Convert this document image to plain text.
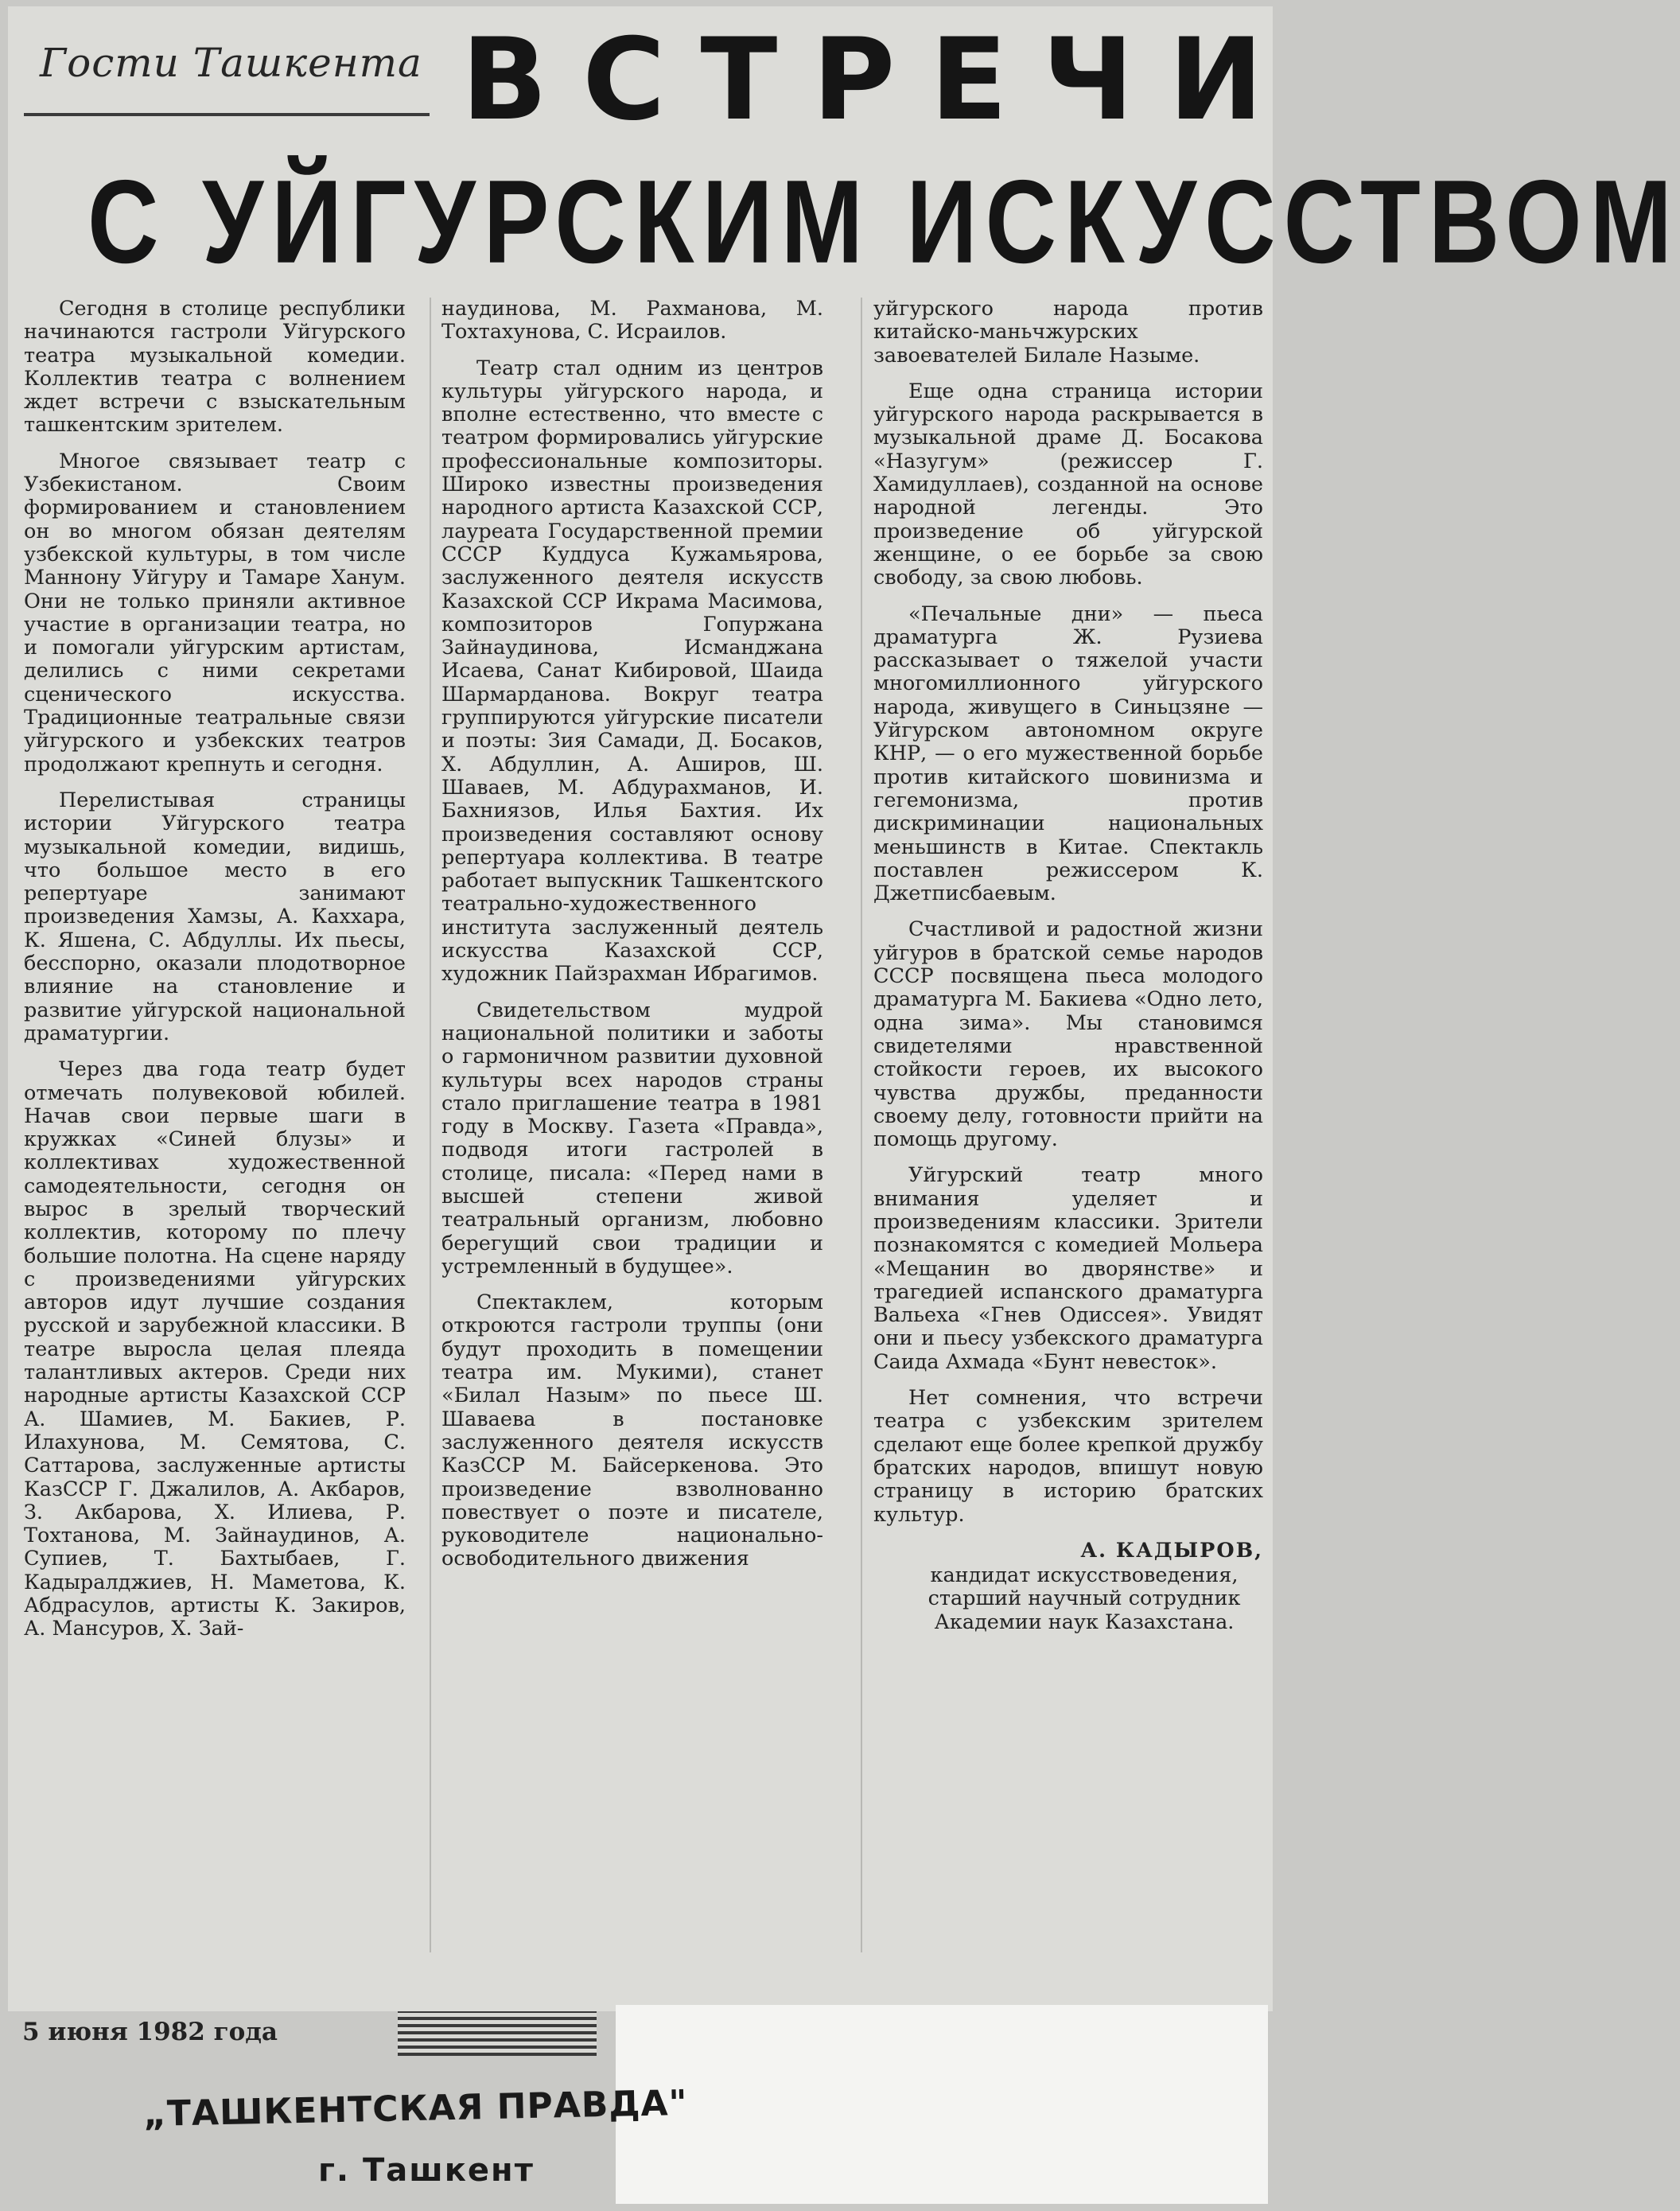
Гости Ташкента ВСТРЕЧИ
С УЙГУРСКИМ ИСКУССТВОМ

Сегодня в столице республики начинаются гастроли Уйгурского театра музыкальной комедии. Коллектив театра с волнением ждет встречи с взыскательным ташкентским зрителем.

Многое связывает театр с Узбекистаном. Своим формированием и становлением он во многом обязан деятелям узбекской культуры, в том числе Маннону Уйгуру и Тамаре Ханум. Они не только приняли активное участие в организации театра, но и помогали уйгурским артистам, делились с ними секретами сценического искусства. Традиционные театральные связи уйгурского и узбекских театров продолжают крепнуть и сегодня.

Перелистывая страницы истории Уйгурского театра музыкальной комедии, видишь, что большое место в его репертуаре занимают произведения Хамзы, А. Каххара, К. Яшена, С. Абдуллы. Их пьесы, бесспорно, оказали плодотворное влияние на становление и развитие уйгурской национальной драматургии.

Через два года театр будет отмечать полувековой юбилей. Начав свои первые шаги в кружках «Синей блузы» и коллективах художественной самодеятельности, сегодня он вырос в зрелый творческий коллектив, которому по плечу большие полотна. На сцене наряду с произведениями уйгурских авторов идут лучшие создания русской и зарубежной классики. В театре выросла целая плеяда талантливых актеров. Среди них народные артисты Казахской ССР А. Шамиев, М. Бакиев, Р. Илахунова, М. Семятова, С. Саттарова, заслуженные артисты КазССР Г. Джалилов, А. Акбаров, З. Акбарова, Х. Илиева, Р. Тохтанова, М. Зайнаудинов, А. Супиев, Т. Бахтыбаев, Г. Кадыралджиев, Н. Маметова, К. Абдрасулов, артисты К. Закиров, А. Мансуров, Х. Зай-

наудинова, М. Рахманова, М. Тохтахунова, С. Исраилов.

Театр стал одним из центров культуры уйгурского народа, и вполне естественно, что вместе с театром формировались уйгурские профессиональные композиторы. Широко известны произведения народного артиста Казахской ССР, лауреата Государственной премии СССР Куддуса Кужамьярова, заслуженного деятеля искусств Казахской ССР Икрама Масимова, композиторов Гопуржана Зайнаудинова, Исманджана Исаева, Санат Кибировой, Шаида Шармарданова. Вокруг театра группируются уйгурские писатели и поэты: Зия Самади, Д. Босаков, Х. Абдуллин, А. Аширов, Ш. Шаваев, М. Абдурахманов, И. Бахниязов, Илья Бахтия. Их произведения составляют основу репертуара коллектива. В театре работает выпускник Ташкентского театрально-художественного института заслуженный деятель искусства Казахской ССР, художник Пайзрахман Ибрагимов.

Свидетельством мудрой национальной политики и заботы о гармоничном развитии духовной культуры всех народов страны стало приглашение театра в 1981 году в Москву. Газета «Правда», подводя итоги гастролей в столице, писала: «Перед нами в высшей степени живой театральный организм, любовно берегущий свои традиции и устремленный в будущее».

Спектаклем, которым откроются гастроли труппы (они будут проходить в помещении театра им. Мукими), станет «Билал Назым» по пьесе Ш. Шаваева в постановке заслуженного деятеля искусств КазССР М. Байсеркенова. Это произведение взволнованно повествует о поэте и писателе, руководителе национально-освободительного движения

уйгурского народа против китайско-маньчжурских завоевателей Билале Назыме.

Еще одна страница истории уйгурского народа раскрывается в музыкальной драме Д. Босакова «Назугум» (режиссер Г. Хамидуллаев), созданной на основе народной легенды. Это произведение об уйгурской женщине, о ее борьбе за свою свободу, за свою любовь.

«Печальные дни» — пьеса драматурга Ж. Рузиева рассказывает о тяжелой участи многомиллионного уйгурского народа, живущего в Синьцзяне — Уйгурском автономном округе КНР, — о его мужественной борьбе против китайского шовинизма и гегемонизма, против дискриминации национальных меньшинств в Китае. Спектакль поставлен режиссером К. Джетписбаевым.

Счастливой и радостной жизни уйгуров в братской семье народов СССР посвящена пьеса молодого драматурга М. Бакиева «Одно лето, одна зима». Мы становимся свидетелями нравственной стойкости героев, их высокого чувства дружбы, преданности своему делу, готовности прийти на помощь другому.

Уйгурский театр много внимания уделяет и произведениям классики. Зрители познакомятся с комедией Мольера «Мещанин во дворянстве» и трагедией испанского драматурга Вальеха «Гнев Одиссея». Увидят они и пьесу узбекского драматурга Саида Ахмада «Бунт невесток».

Нет сомнения, что встречи театра с узбекским зрителем сделают еще более крепкой дружбу братских народов, впишут новую страницу в историю братских культур.

А. КАДЫРОВ,
кандидат искусствоведения, старший научный сотрудник Академии наук Казахстана.
5 июня 1982 года
„ТАШКЕНТСКАЯ ПРАВДА"
г. Ташкент
